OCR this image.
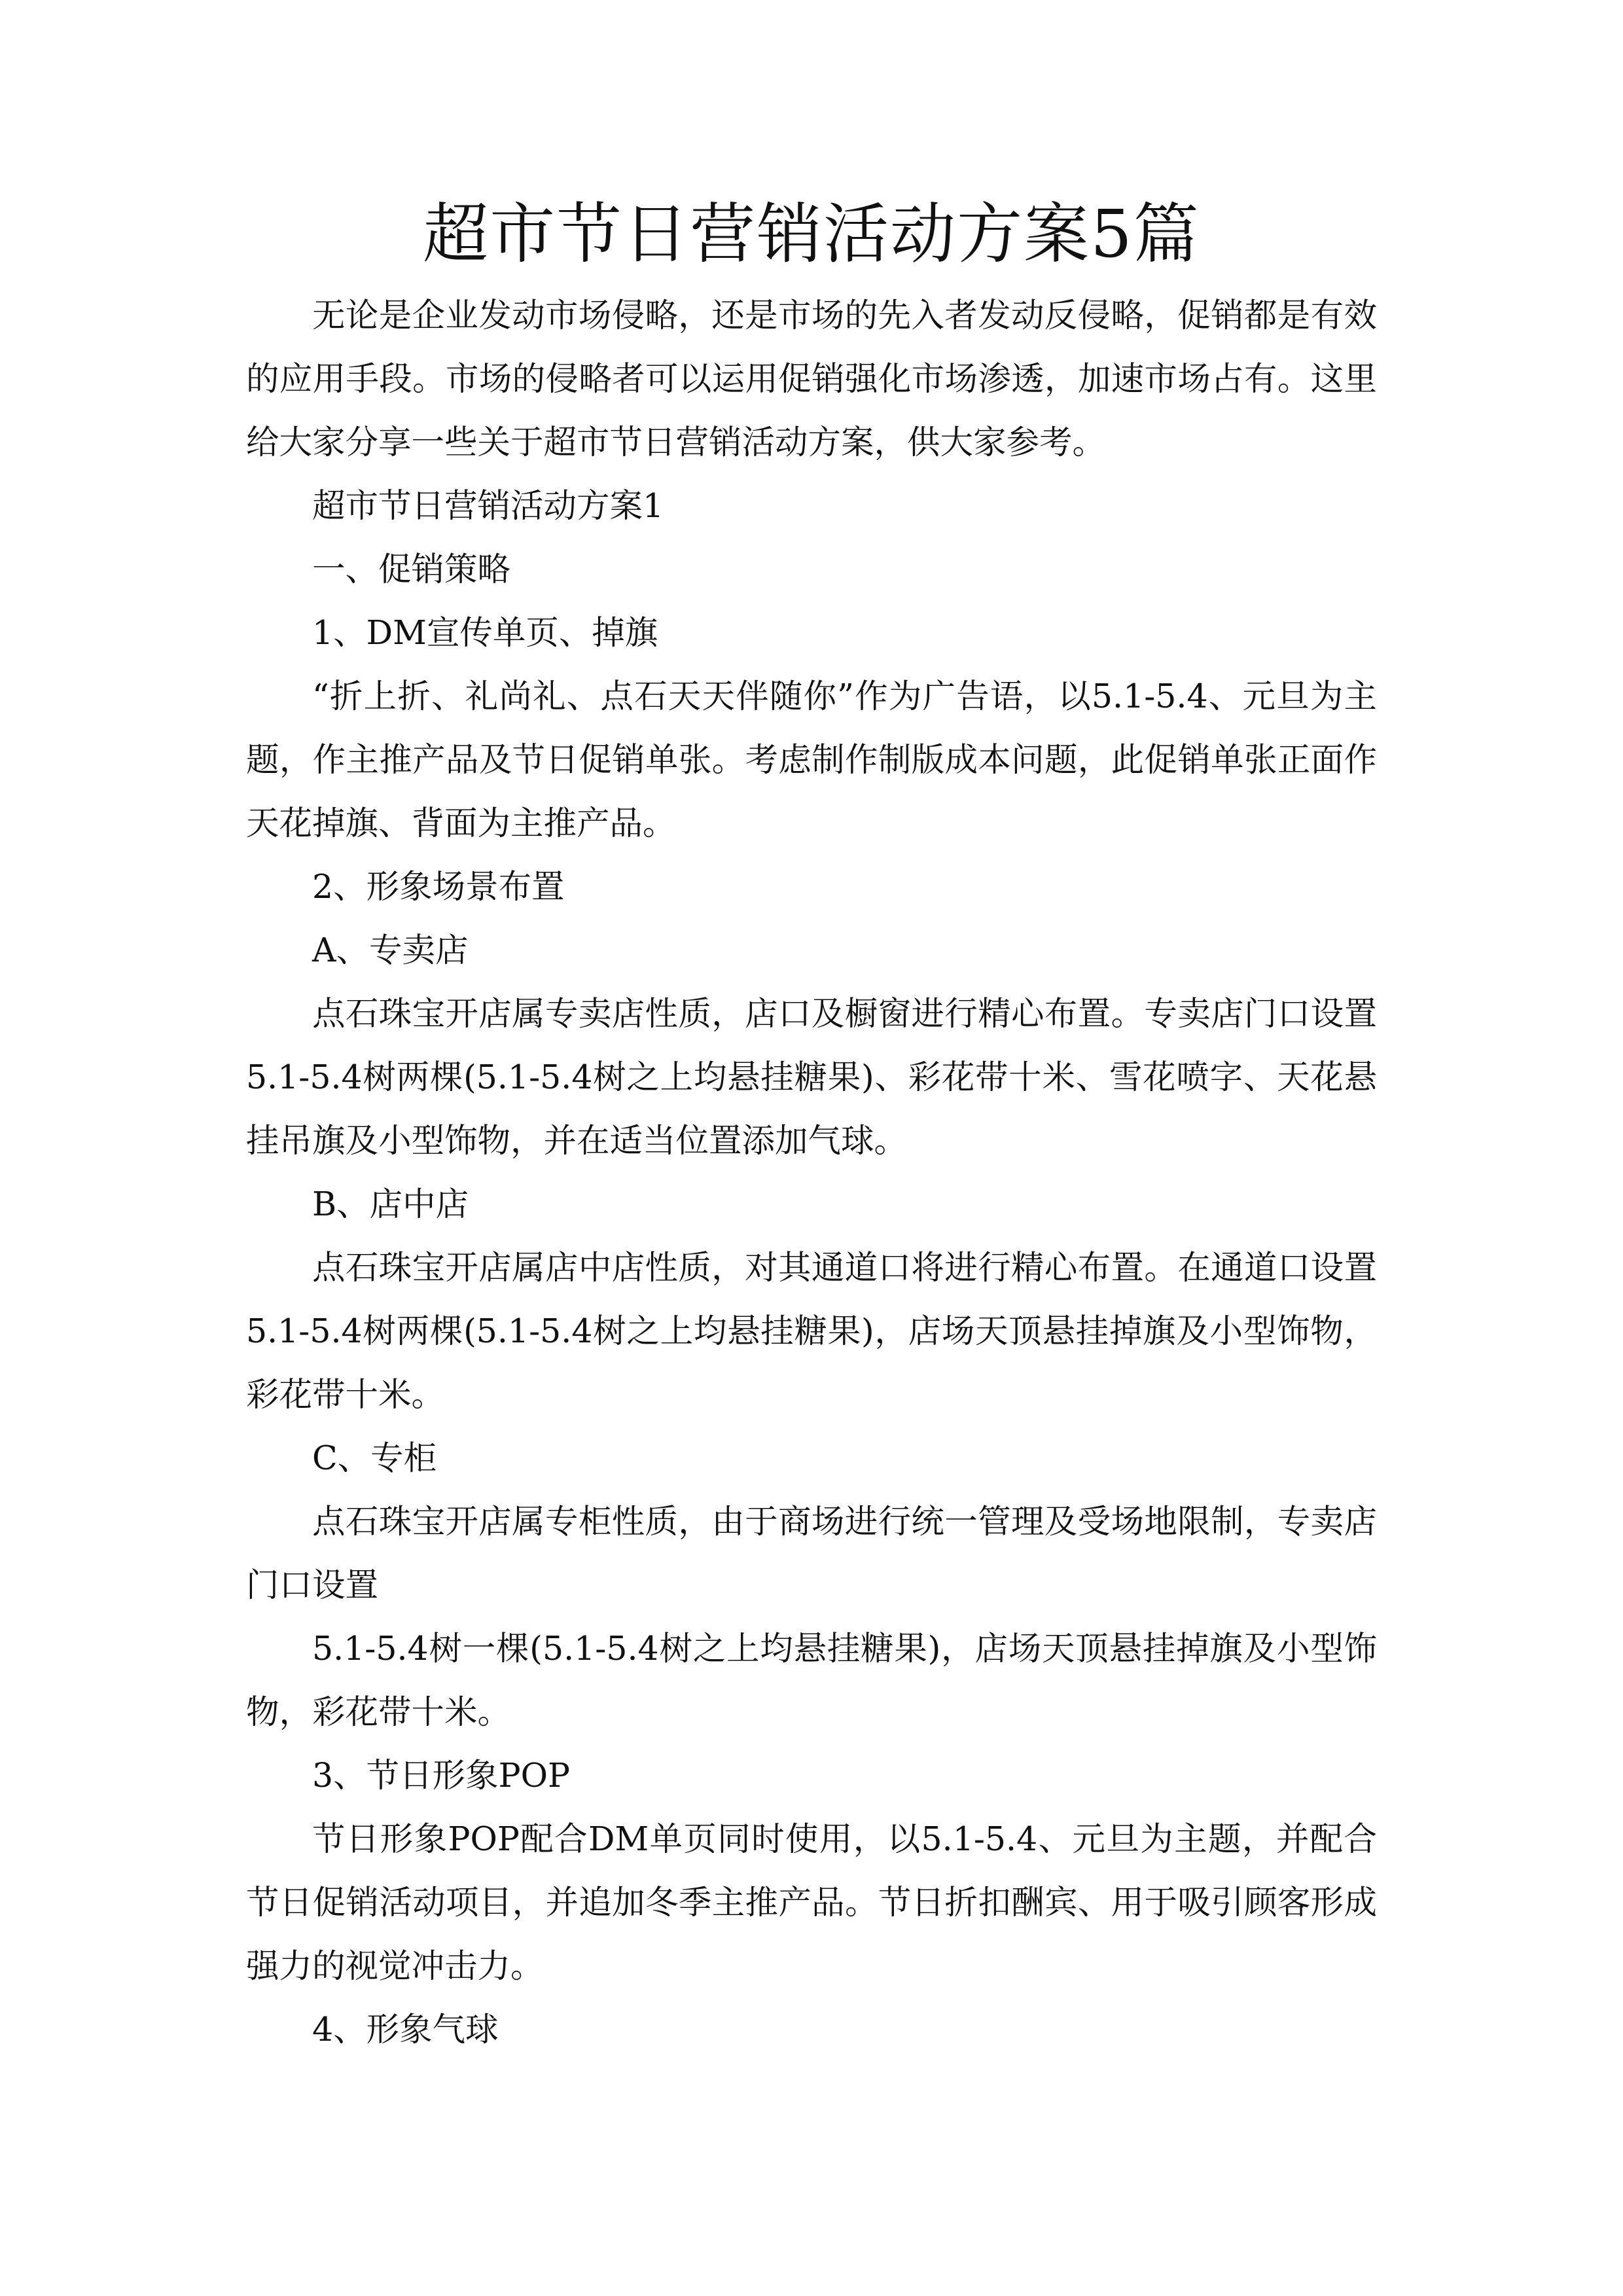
超市节日营销活动方案5篇

无论是企业发动市场侵略，还是市场的先入者发动反侵略，促销都是有效的应用手段。市场的侵略者可以运用促销强化市场渗透，加速市场占有。这里给大家分享一些关于超市节日营销活动方案，供大家参考。

超市节日营销活动方案1

一、促销策略

1、DM宣传单页、掉旗

“折上折、礼尚礼、点石天天伴随你”作为广告语，以5.1-5.4、元旦为主题，作主推产品及节日促销单张。考虑制作制版成本问题，此促销单张正面作天花掉旗、背面为主推产品。

2、形象场景布置

A、专卖店

点石珠宝开店属专卖店性质，店口及橱窗进行精心布置。专卖店门口设置5.1-5.4树两棵(5.1-5.4树之上均悬挂糖果)、彩花带十米、雪花喷字、天花悬挂吊旗及小型饰物，并在适当位置添加气球。

B、店中店

点石珠宝开店属店中店性质，对其通道口将进行精心布置。在通道口设置5.1-5.4树两棵(5.1-5.4树之上均悬挂糖果)，店场天顶悬挂掉旗及小型饰物，彩花带十米。

C、专柜

点石珠宝开店属专柜性质，由于商场进行统一管理及受场地限制，专卖店门口设置

5.1-5.4树一棵(5.1-5.4树之上均悬挂糖果)，店场天顶悬挂掉旗及小型饰物，彩花带十米。

3、节日形象POP

节日形象POP配合DM单页同时使用，以5.1-5.4、元旦为主题，并配合节日促销活动项目，并追加冬季主推产品。节日折扣酬宾、用于吸引顾客形成强力的视觉冲击力。

4、形象气球
